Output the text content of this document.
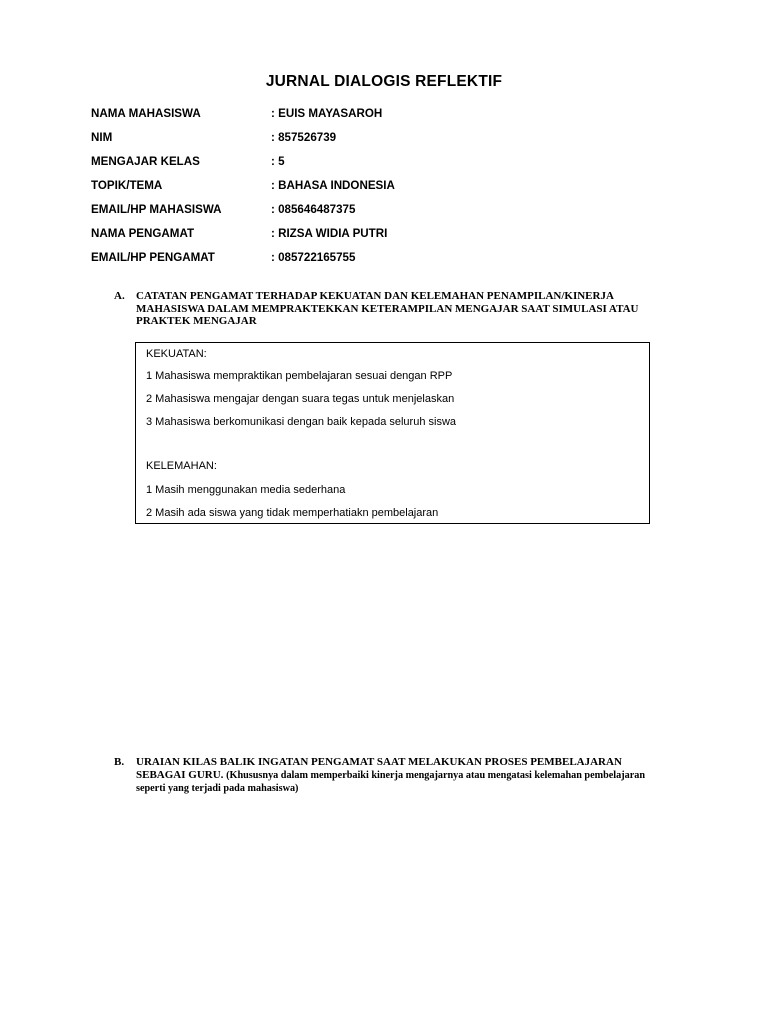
JURNAL DIALOGIS REFLEKTIF
NAMA MAHASISWA	: EUIS MAYASAROH
NIM	: 857526739
MENGAJAR KELAS	: 5
TOPIK/TEMA	: BAHASA INDONESIA
EMAIL/HP MAHASISWA	: 085646487375
NAMA PENGAMAT	: RIZSA WIDIA PUTRI
EMAIL/HP PENGAMAT	: 085722165755
A.	CATATAN PENGAMAT TERHADAP KEKUATAN DAN KELEMAHAN PENAMPILAN/KINERJA MAHASISWA DALAM MEMPRAKTEKKAN KETERAMPILAN MENGAJAR SAAT SIMULASI ATAU PRAKTEK MENGAJAR
KEKUATAN:
1 Mahasiswa mempraktikan pembelajaran sesuai dengan RPP
2 Mahasiswa mengajar dengan suara tegas untuk menjelaskan
3 Mahasiswa berkomunikasi dengan baik kepada seluruh siswa
KELEMAHAN:
1 Masih menggunakan media sederhana
2 Masih ada siswa yang tidak memperhatiakn pembelajaran
B.	URAIAN KILAS BALIK INGATAN PENGAMAT SAAT MELAKUKAN PROSES PEMBELAJARAN SEBAGAI GURU. (Khususnya dalam memperbaiki kinerja mengajarnya atau mengatasi kelemahan pembelajaran seperti yang terjadi pada mahasiswa)
